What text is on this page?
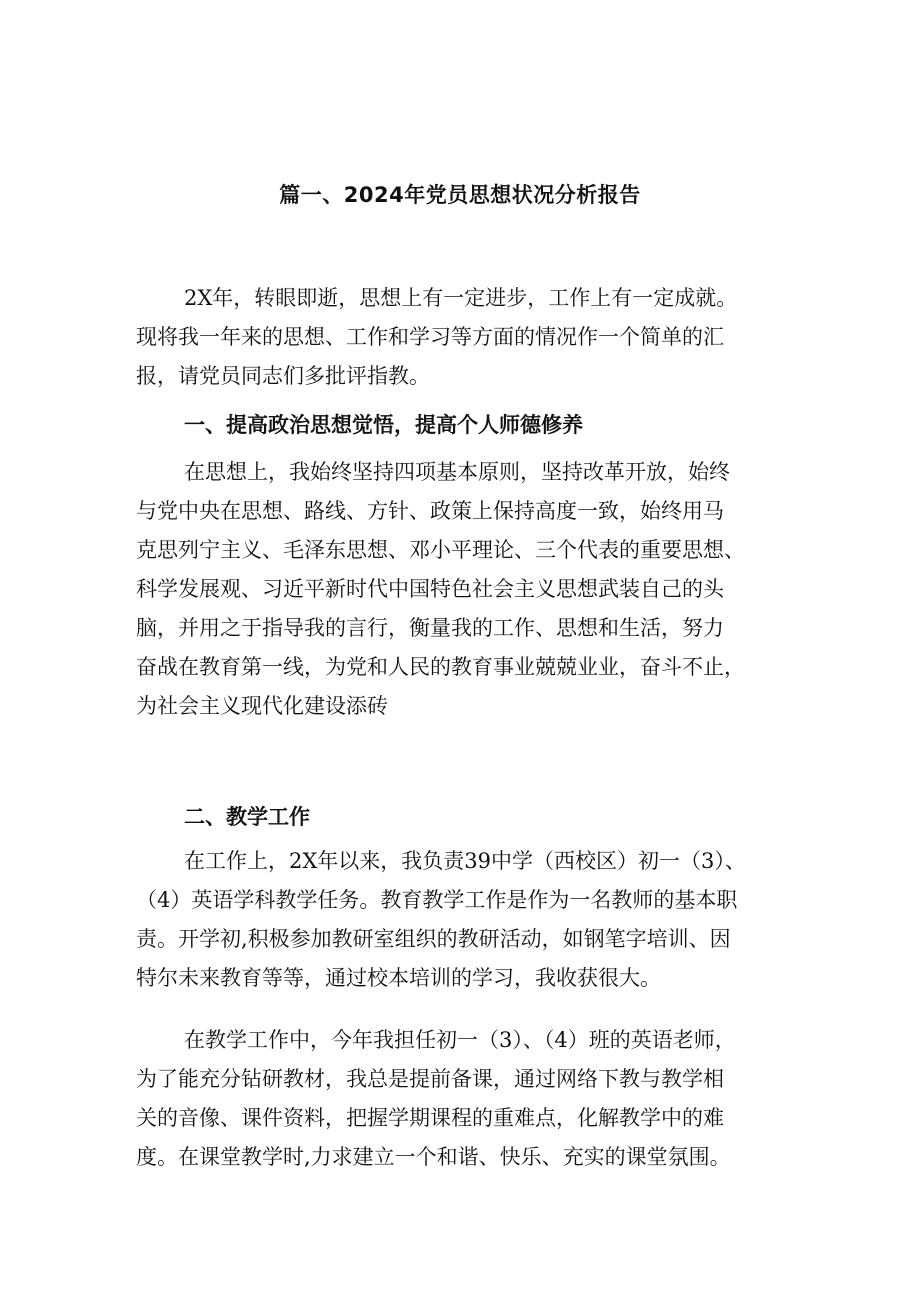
篇一、2024年党员思想状况分析报告
2X年，转眼即逝，思想上有一定进步，工作上有一定成就。
现将我一年来的思想、工作和学习等方面的情况作一个简单的汇
报，请党员同志们多批评指教。
一、提高政治思想觉悟，提高个人师德修养
在思想上，我始终坚持四项基本原则，坚持改革开放，始终
与党中央在思想、路线、方针、政策上保持高度一致，始终用马
克思列宁主义、毛泽东思想、邓小平理论、三个代表的重要思想、
科学发展观、习近平新时代中国特色社会主义思想武装自己的头
脑，并用之于指导我的言行，衡量我的工作、思想和生活，努力
奋战在教育第一线，为党和人民的教育事业兢兢业业，奋斗不止，
为社会主义现代化建设添砖
二、教学工作
在工作上，2X年以来，我负责39中学（西校区）初一（3）、
（4）英语学科教学任务。教育教学工作是作为一名教师的基本职
责。开学初,积极参加教研室组织的教研活动，如钢笔字培训、因
特尔未来教育等等，通过校本培训的学习，我收获很大。
在教学工作中，今年我担任初一（3）、（4）班的英语老师，
为了能充分钻研教材，我总是提前备课，通过网络下教与教学相
关的音像、课件资料，把握学期课程的重难点，化解教学中的难
度。在课堂教学时,力求建立一个和谐、快乐、充实的课堂氛围。
